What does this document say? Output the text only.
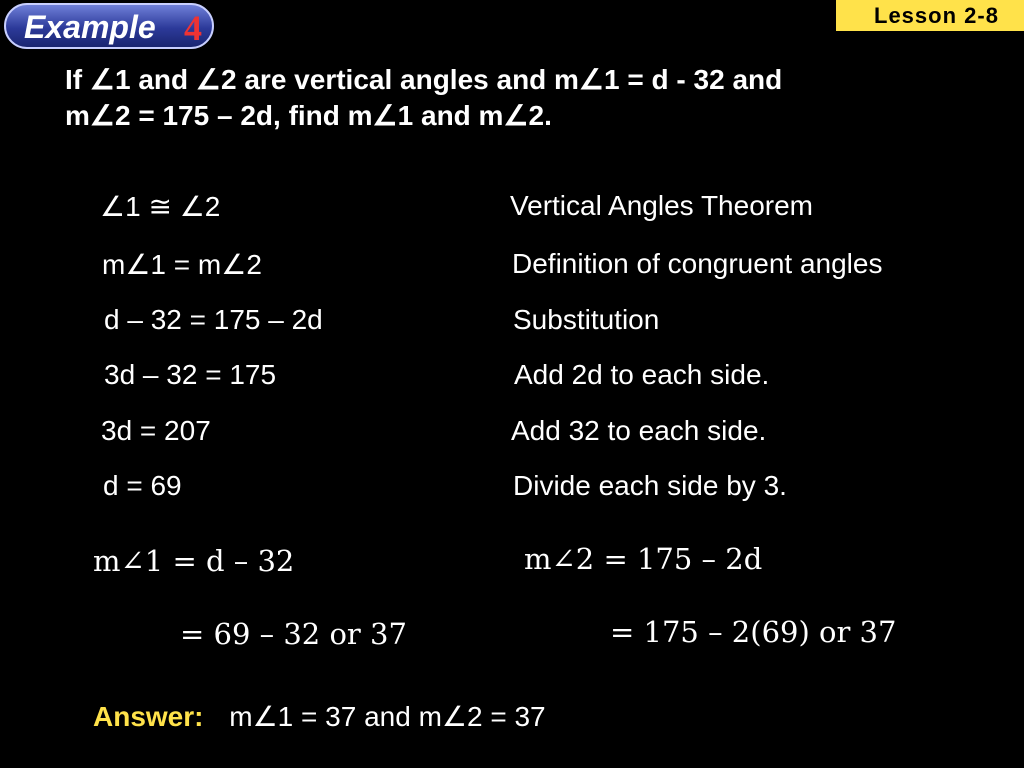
Example 4	Lesson 2-8
If ∠1 and ∠2 are vertical angles and m∠1 = d - 32 and
m∠2 = 175 – 2d, find m∠1 and m∠2.
∠1 ≅ ∠2	Vertical Angles Theorem
m∠1 = m∠2	Definition of congruent angles
d – 32 = 175 – 2d	Substitution
3d – 32 = 175	Add 2d to each side.
3d = 207	Add 32 to each side.
d = 69	Divide each side by 3.
m∠1 = d – 32
= 69 – 32 or 37
m∠2 = 175 – 2d
= 175 – 2(69) or 37
Answer: m∠1 = 37 and m∠2 = 37
